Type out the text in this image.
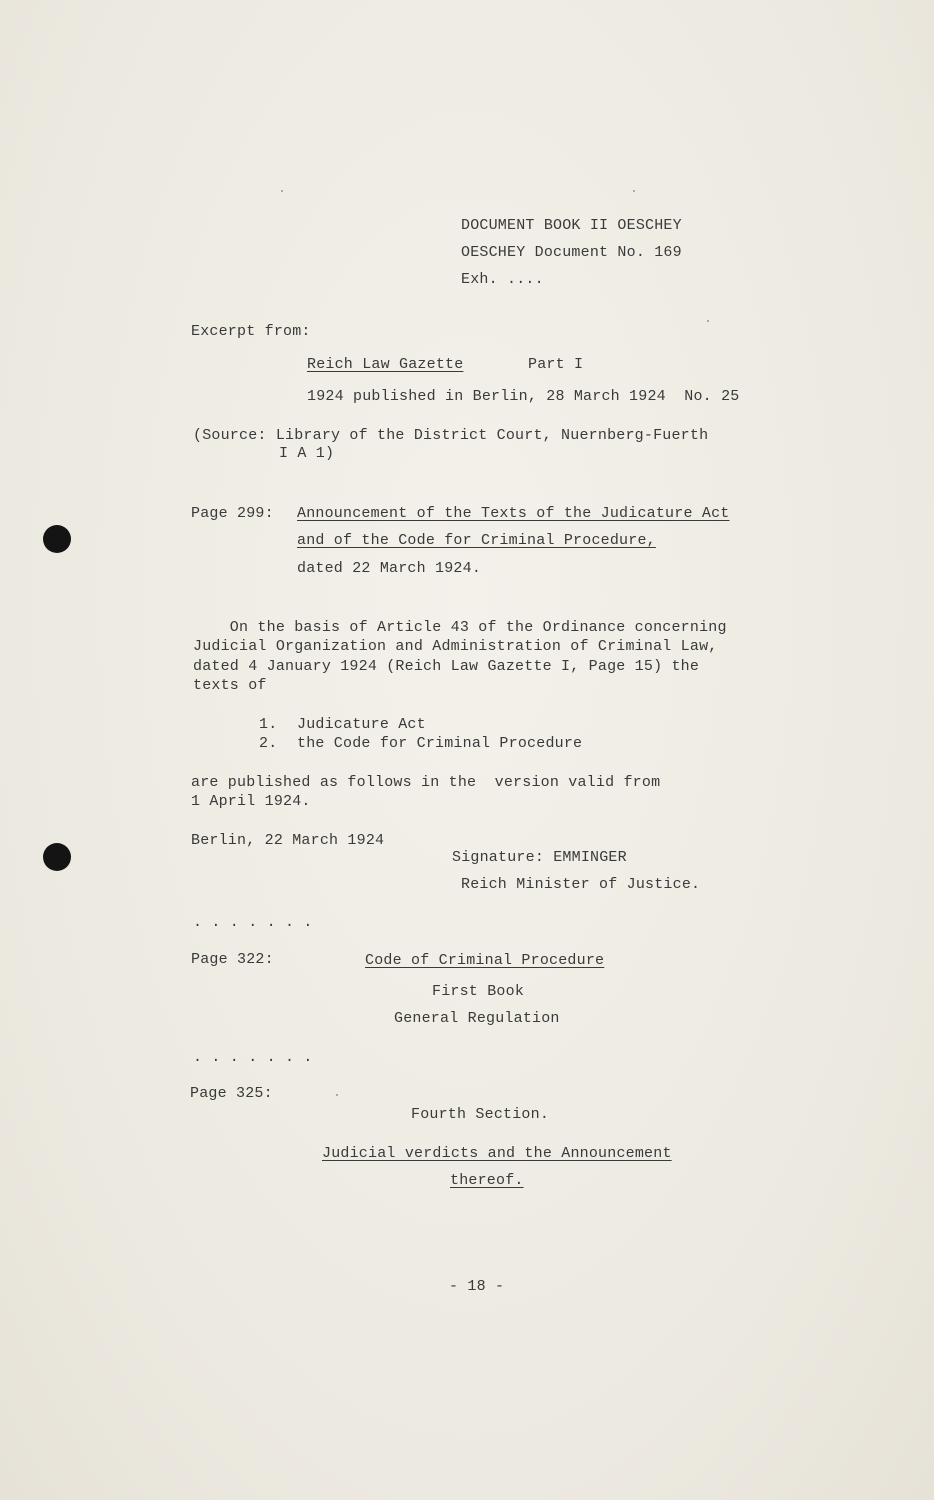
DOCUMENT BOOK II OESCHEY

OESCHEY Document No. 169

Exh. ....

Excerpt from:

Reich Law Gazette	Part I

1924 published in Berlin, 28 March 1924  No. 25

(Source: Library of the District Court, Nuernberg-Fuerth

I A 1)

Page 299: Announcement of the Texts of the Judicature Act

and of the Code for Criminal Procedure,

dated 22 March 1924.

On the basis of Article 43 of the Ordinance concerning

Judicial Organization and Administration of Criminal Law,

dated 4 January 1924 (Reich Law Gazette I, Page 15) the

texts of

1. Judicature Act

2. the Code for Criminal Procedure

are published as follows in the  version valid from

1 April 1924.

Berlin, 22 March 1924

Signature: EMMINGER

Reich Minister of Justice.

. . . . . . .

Page 322:	Code of Criminal Procedure

First Book

General Regulation

. . . . . . .

Page 325:

Fourth Section.

Judicial verdicts and the Announcement

thereof.

- 18 -
